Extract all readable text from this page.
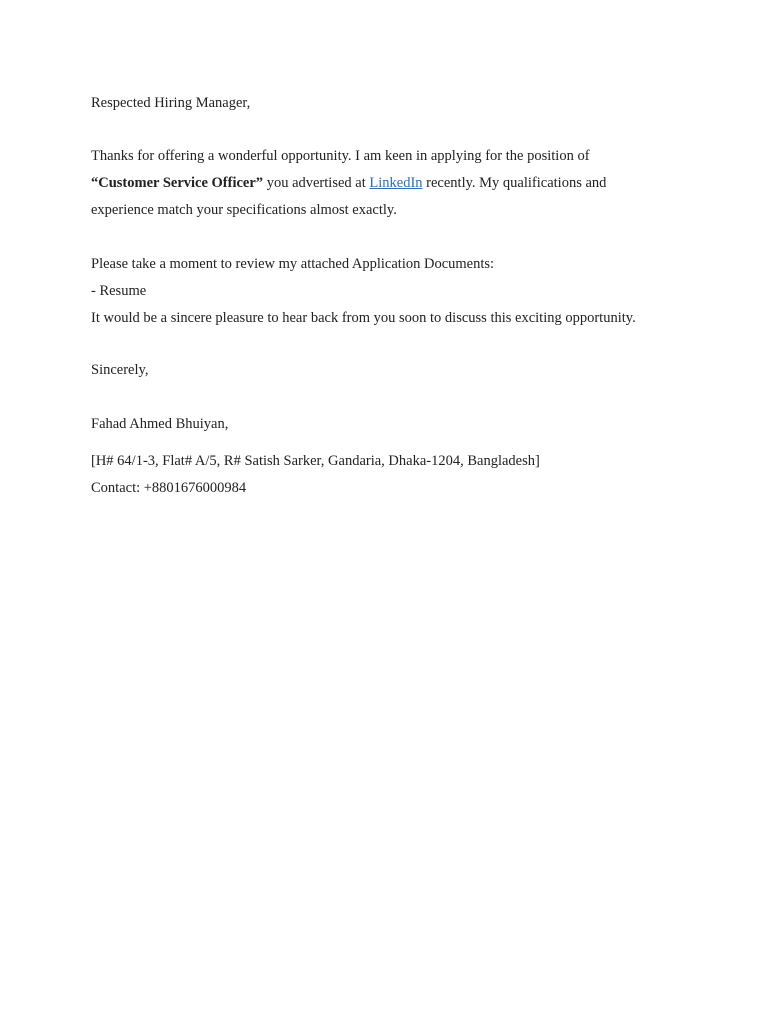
Respected Hiring Manager,
Thanks for offering a wonderful opportunity. I am keen in applying for the position of
“Customer Service Officer” you advertised at LinkedIn recently. My qualifications and
experience match your specifications almost exactly.
Please take a moment to review my attached Application Documents:
- Resume
It would be a sincere pleasure to hear back from you soon to discuss this exciting opportunity.
Sincerely,
Fahad Ahmed Bhuiyan,
[H# 64/1-3, Flat# A/5, R# Satish Sarker, Gandaria, Dhaka-1204, Bangladesh]
Contact: +8801676000984
